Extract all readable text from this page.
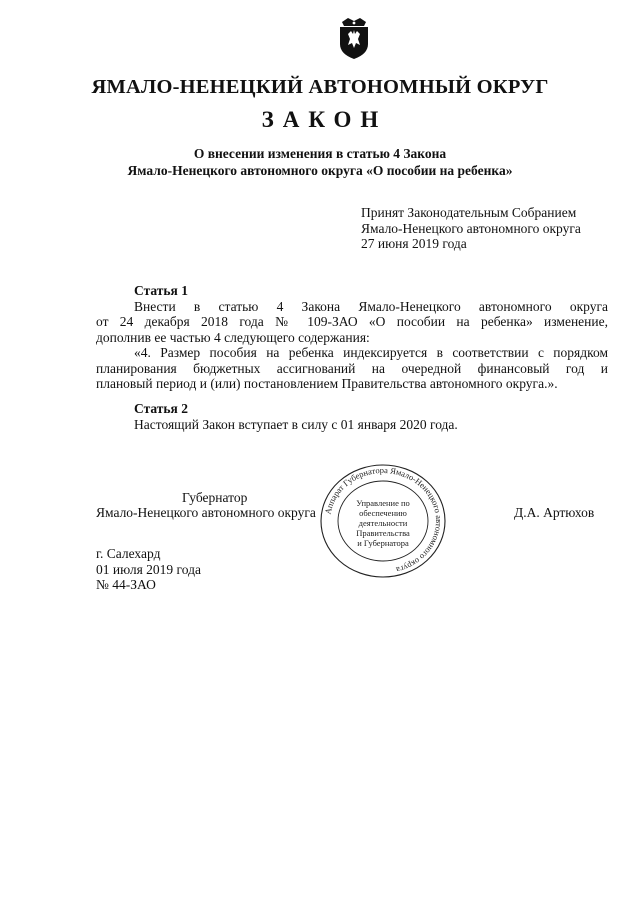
ЯМАЛО-НЕНЕЦКИЙ АВТОНОМНЫЙ ОКРУГ
ЗАКОН
О внесении изменения в статью 4 Закона
Ямало-Ненецкого автономного округа «О пособии на ребенка»
Принят Законодательным Собранием
Ямало-Ненецкого автономного округа
27 июня 2019 года
Статья 1
Внести в статью 4 Закона Ямало-Ненецкого автономного округа
от 24 декабря 2018 года № 109-ЗАО «О пособии на ребенка» изменение,
дополнив ее частью 4 следующего содержания:
«4. Размер пособия на ребенка индексируется в соответствии с порядком
планирования бюджетных ассигнований на очередной финансовый год и
плановый период и (или) постановлением Правительства автономного округа.».
Статья 2
Настоящий Закон вступает в силу с 01 января 2020 года.
Аппарат Губернатора Ямало-Ненецкого автономного округа
Управление по
обеспечению
деятельности
Правительства
и Губернатора
Губернатор
Ямало-Ненецкого автономного округа	Д.А. Артюхов
г. Салехард
01 июля 2019 года
№ 44-ЗАО
